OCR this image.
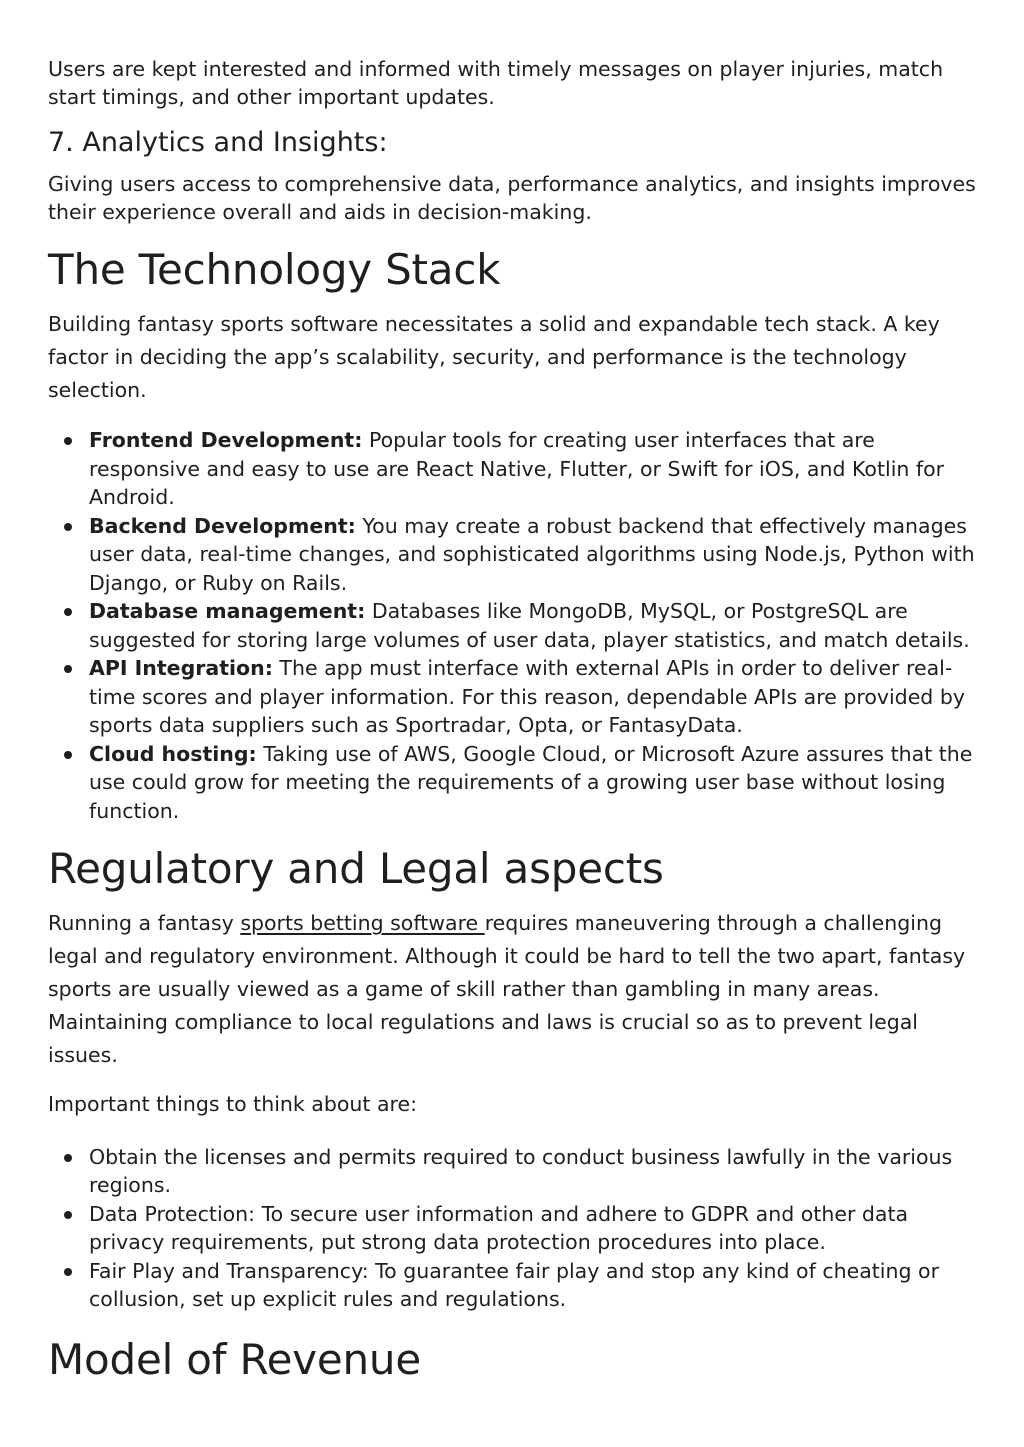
Users are kept interested and informed with timely messages on player injuries, match start timings, and other important updates.

7. Analytics and Insights:

Giving users access to comprehensive data, performance analytics, and insights improves their experience overall and aids in decision-making.

The Technology Stack

Building fantasy sports software necessitates a solid and expandable tech stack. A key factor in deciding the app’s scalability, security, and performance is the technology selection.

Frontend Development: Popular tools for creating user interfaces that are responsive and easy to use are React Native, Flutter, or Swift for iOS, and Kotlin for Android.
Backend Development: You may create a robust backend that effectively manages user data, real-time changes, and sophisticated algorithms using Node.js, Python with Django, or Ruby on Rails.
Database management: Databases like MongoDB, MySQL, or PostgreSQL are suggested for storing large volumes of user data, player statistics, and match details.
API Integration: The app must interface with external APIs in order to deliver real-time scores and player information. For this reason, dependable APIs are provided by sports data suppliers such as Sportradar, Opta, or FantasyData.
Cloud hosting: Taking use of AWS, Google Cloud, or Microsoft Azure assures that the use could grow for meeting the requirements of a growing user base without losing function.
Regulatory and Legal aspects

Running a fantasy sports betting software requires maneuvering through a challenging legal and regulatory environment. Although it could be hard to tell the two apart, fantasy sports are usually viewed as a game of skill rather than gambling in many areas. Maintaining compliance to local regulations and laws is crucial so as to prevent legal issues.

Important things to think about are:

Obtain the licenses and permits required to conduct business lawfully in the various regions.
Data Protection: To secure user information and adhere to GDPR and other data privacy requirements, put strong data protection procedures into place.
Fair Play and Transparency: To guarantee fair play and stop any kind of cheating or collusion, set up explicit rules and regulations.
Model of Revenue
